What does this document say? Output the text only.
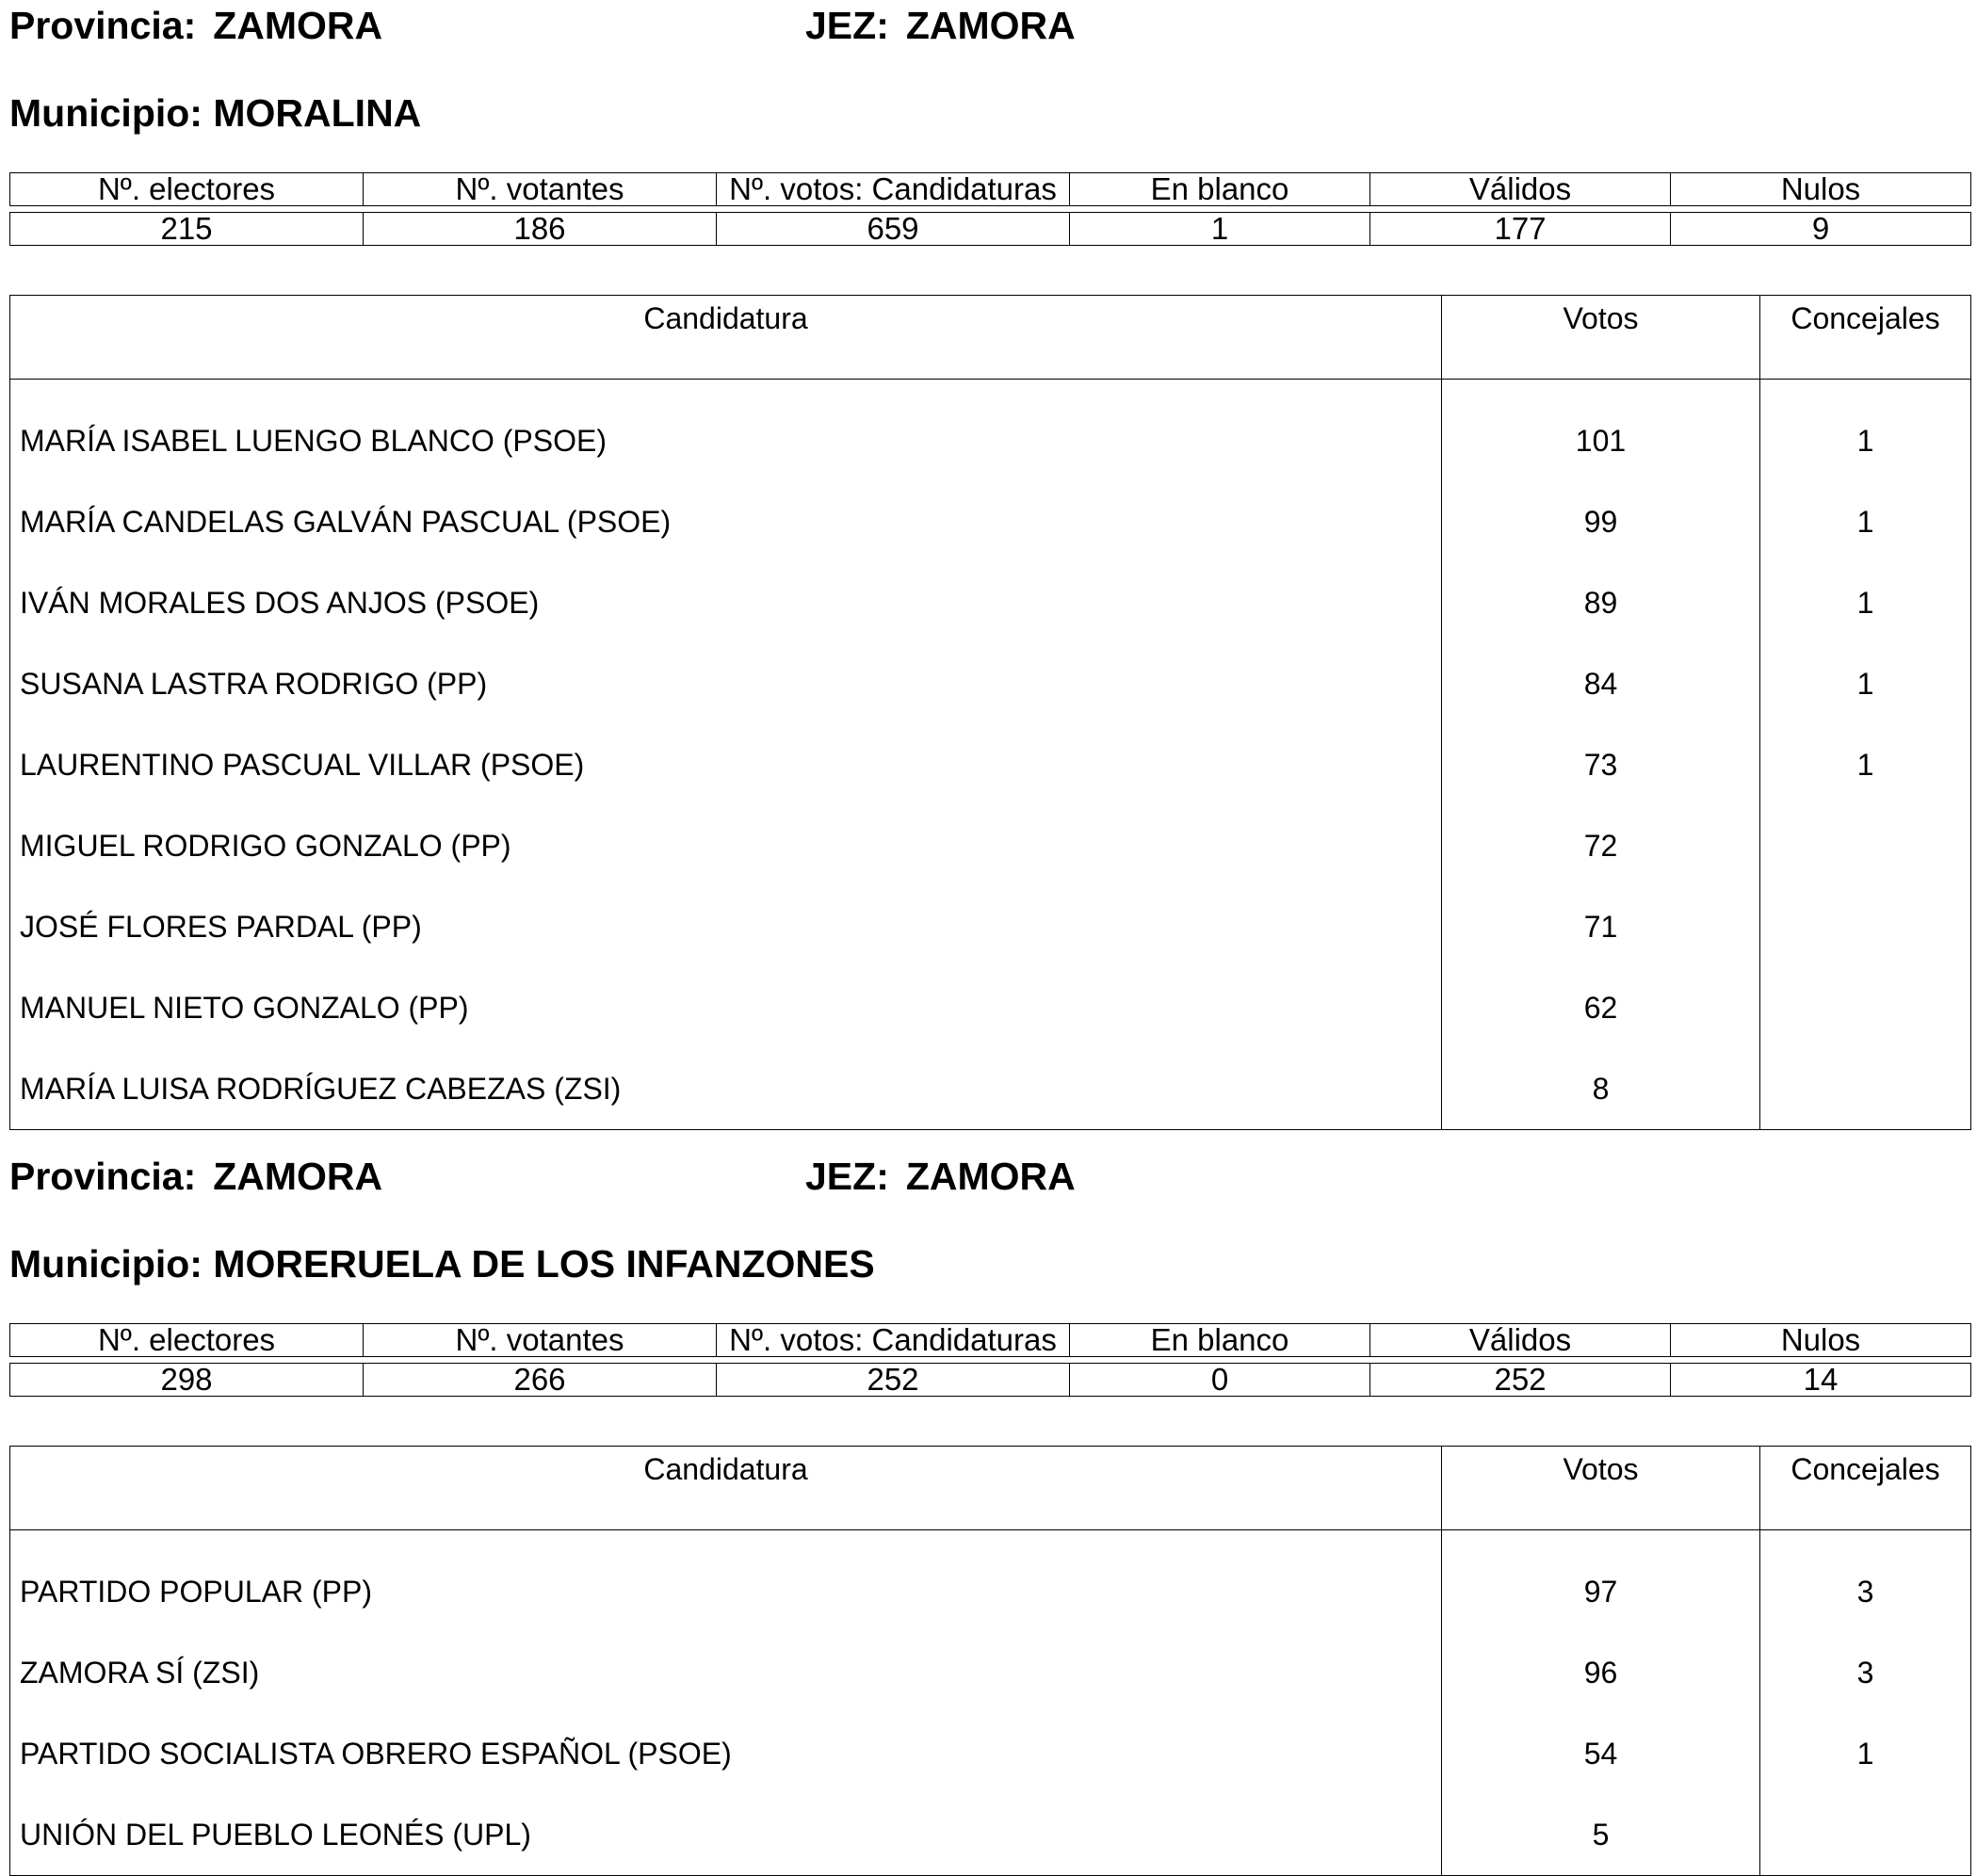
Provincia: ZAMORA	JEZ: ZAMORA
Municipio: MORALINA
Nº. electores	Nº. votantes	Nº. votos: Candidaturas	En blanco	Válidos	Nulos

215	186	659	1	177	9
Candidatura	Votos	Concejales
MARÍA ISABEL LUENGO BLANCO (PSOE)	101	1
MARÍA CANDELAS GALVÁN PASCUAL (PSOE)	99	1
IVÁN MORALES DOS ANJOS (PSOE)	89	1
SUSANA LASTRA RODRIGO (PP)	84	1
LAURENTINO PASCUAL VILLAR (PSOE)	73	1
MIGUEL RODRIGO GONZALO (PP)	72	
JOSÉ FLORES PARDAL (PP)	71	
MANUEL NIETO GONZALO (PP)	62	
MARÍA LUISA RODRÍGUEZ CABEZAS (ZSI)	8	
Provincia: ZAMORA	JEZ: ZAMORA
Municipio: MORERUELA DE LOS INFANZONES
Nº. electores	Nº. votantes	Nº. votos: Candidaturas	En blanco	Válidos	Nulos

298	266	252	0	252	14
Candidatura	Votos	Concejales
PARTIDO POPULAR (PP)	97	3
ZAMORA SÍ (ZSI)	96	3
PARTIDO SOCIALISTA OBRERO ESPAÑOL (PSOE)	54	1
UNIÓN DEL PUEBLO LEONÉS (UPL)	5	
